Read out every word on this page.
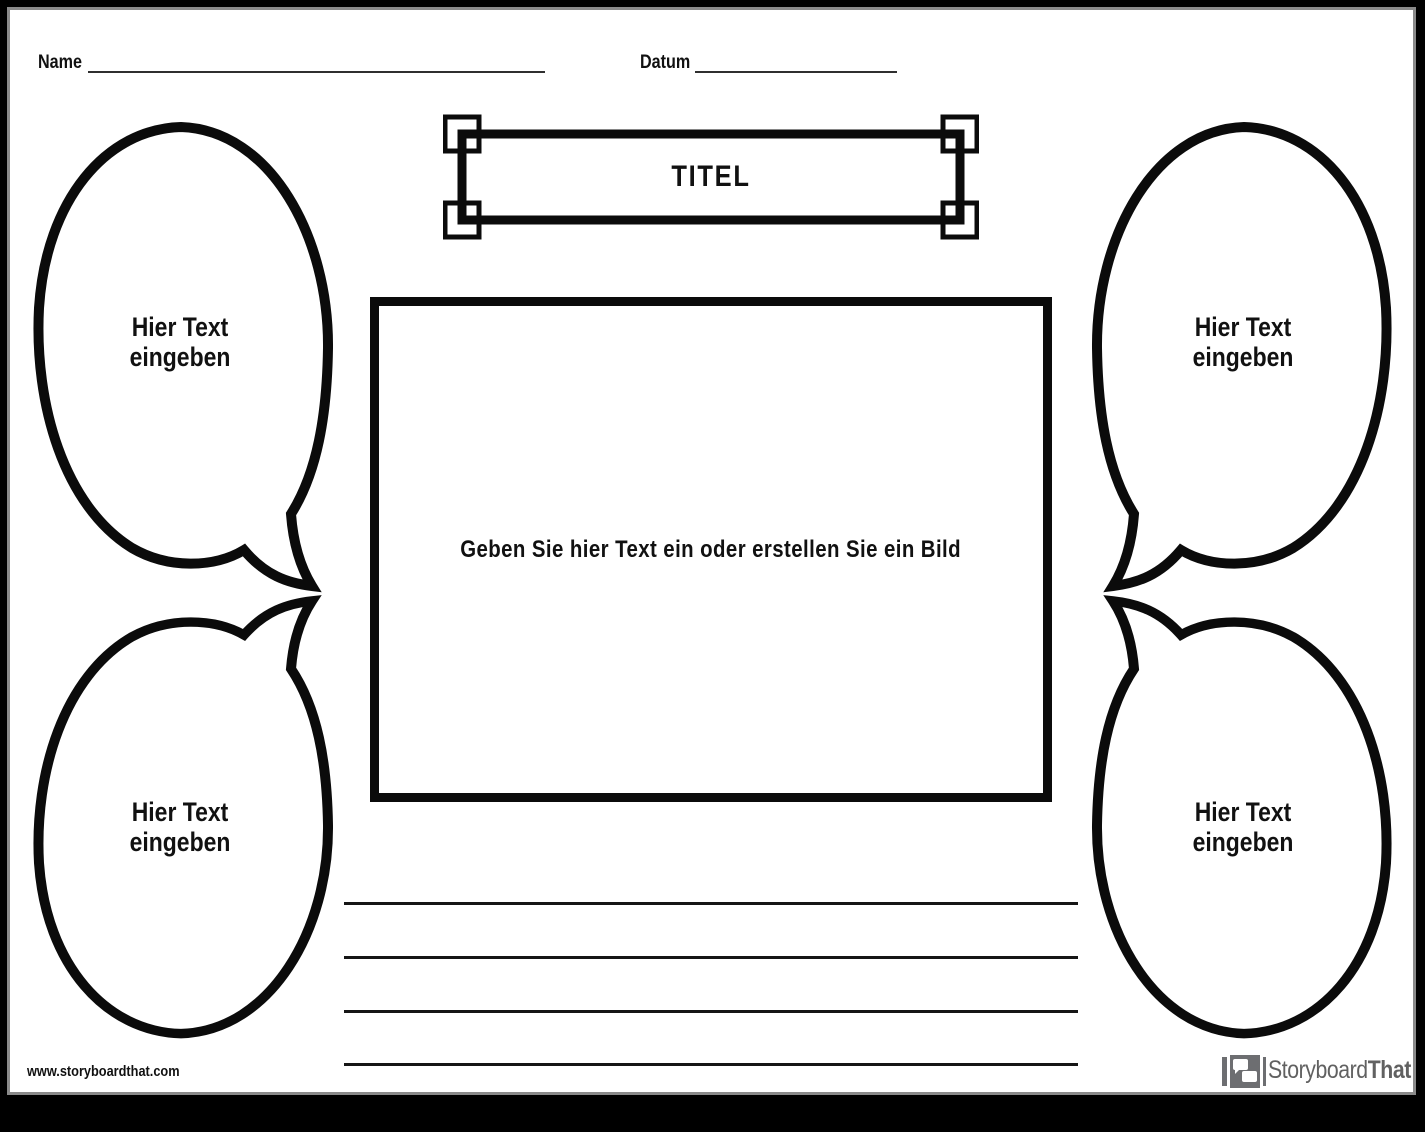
Name	Datum
TITEL
Geben Sie hier Text ein oder erstellen Sie ein Bild
Hier Text eingeben
Hier Text eingeben
Hier Text eingeben
Hier Text eingeben
www.storyboardthat.com	StoryboardThat
